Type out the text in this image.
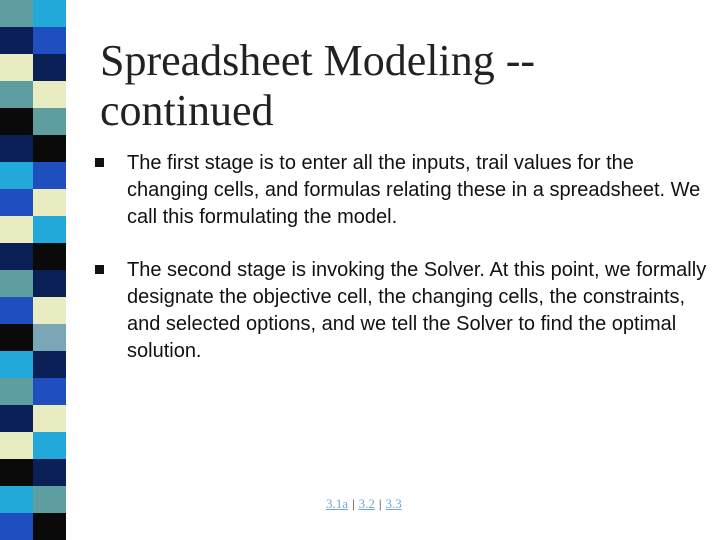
Spreadsheet Modeling -- continued
The first stage is to enter all the inputs, trail values for the changing cells, and formulas relating these in a spreadsheet. We call this formulating the model.
The second stage is invoking the Solver. At this point, we formally designate the objective cell, the changing cells, the constraints, and selected options, and we tell the Solver to find the optimal solution.
3.1a | 3.2 | 3.3
